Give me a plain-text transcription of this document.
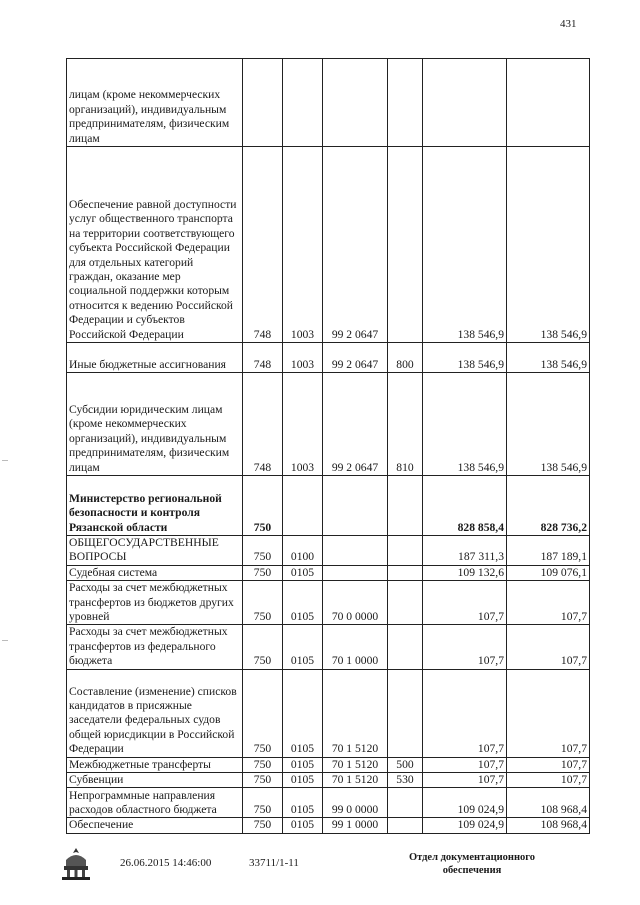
431
лицам (кроме некоммерческих организаций), индивидуальным предпринимателям, физическим лицам						
Обеспечение равной доступности услуг общественного транспорта на территории соответствующего субъекта Российской Федерации для отдельных категорий граждан, оказание мер социальной поддержки которым относится к ведению Российской Федерации и субъектов Российской Федерации	748	1003	99 2 0647		138 546,9	138 546,9
Иные бюджетные ассигнования	748	1003	99 2 0647	800	138 546,9	138 546,9
Субсидии юридическим лицам (кроме некоммерческих организаций), индивидуальным предпринимателям, физическим лицам	748	1003	99 2 0647	810	138 546,9	138 546,9
Министерство региональной безопасности и контроля Рязанской области	750				828 858,4	828 736,2
ОБЩЕГОСУДАРСТВЕННЫЕ ВОПРОСЫ	750	0100			187 311,3	187 189,1
Судебная система	750	0105			109 132,6	109 076,1
Расходы за счет межбюджетных трансфертов из бюджетов других уровней	750	0105	70 0 0000		107,7	107,7
Расходы за счет межбюджетных трансфертов из федерального бюджета	750	0105	70 1 0000		107,7	107,7
Составление (изменение) списков кандидатов в присяжные заседатели федеральных судов общей юрисдикции в Российской Федерации	750	0105	70 1 5120		107,7	107,7
Межбюджетные трансферты	750	0105	70 1 5120	500	107,7	107,7
Субвенции	750	0105	70 1 5120	530	107,7	107,7
Непрограммные направления расходов областного бюджета	750	0105	99 0 0000		109 024,9	108 968,4
Обеспечение	750	0105	99 1 0000		109 024,9	108 968,4
26.06.2015 14:46:00	33711/1-11	Отдел документационного обеспечения
